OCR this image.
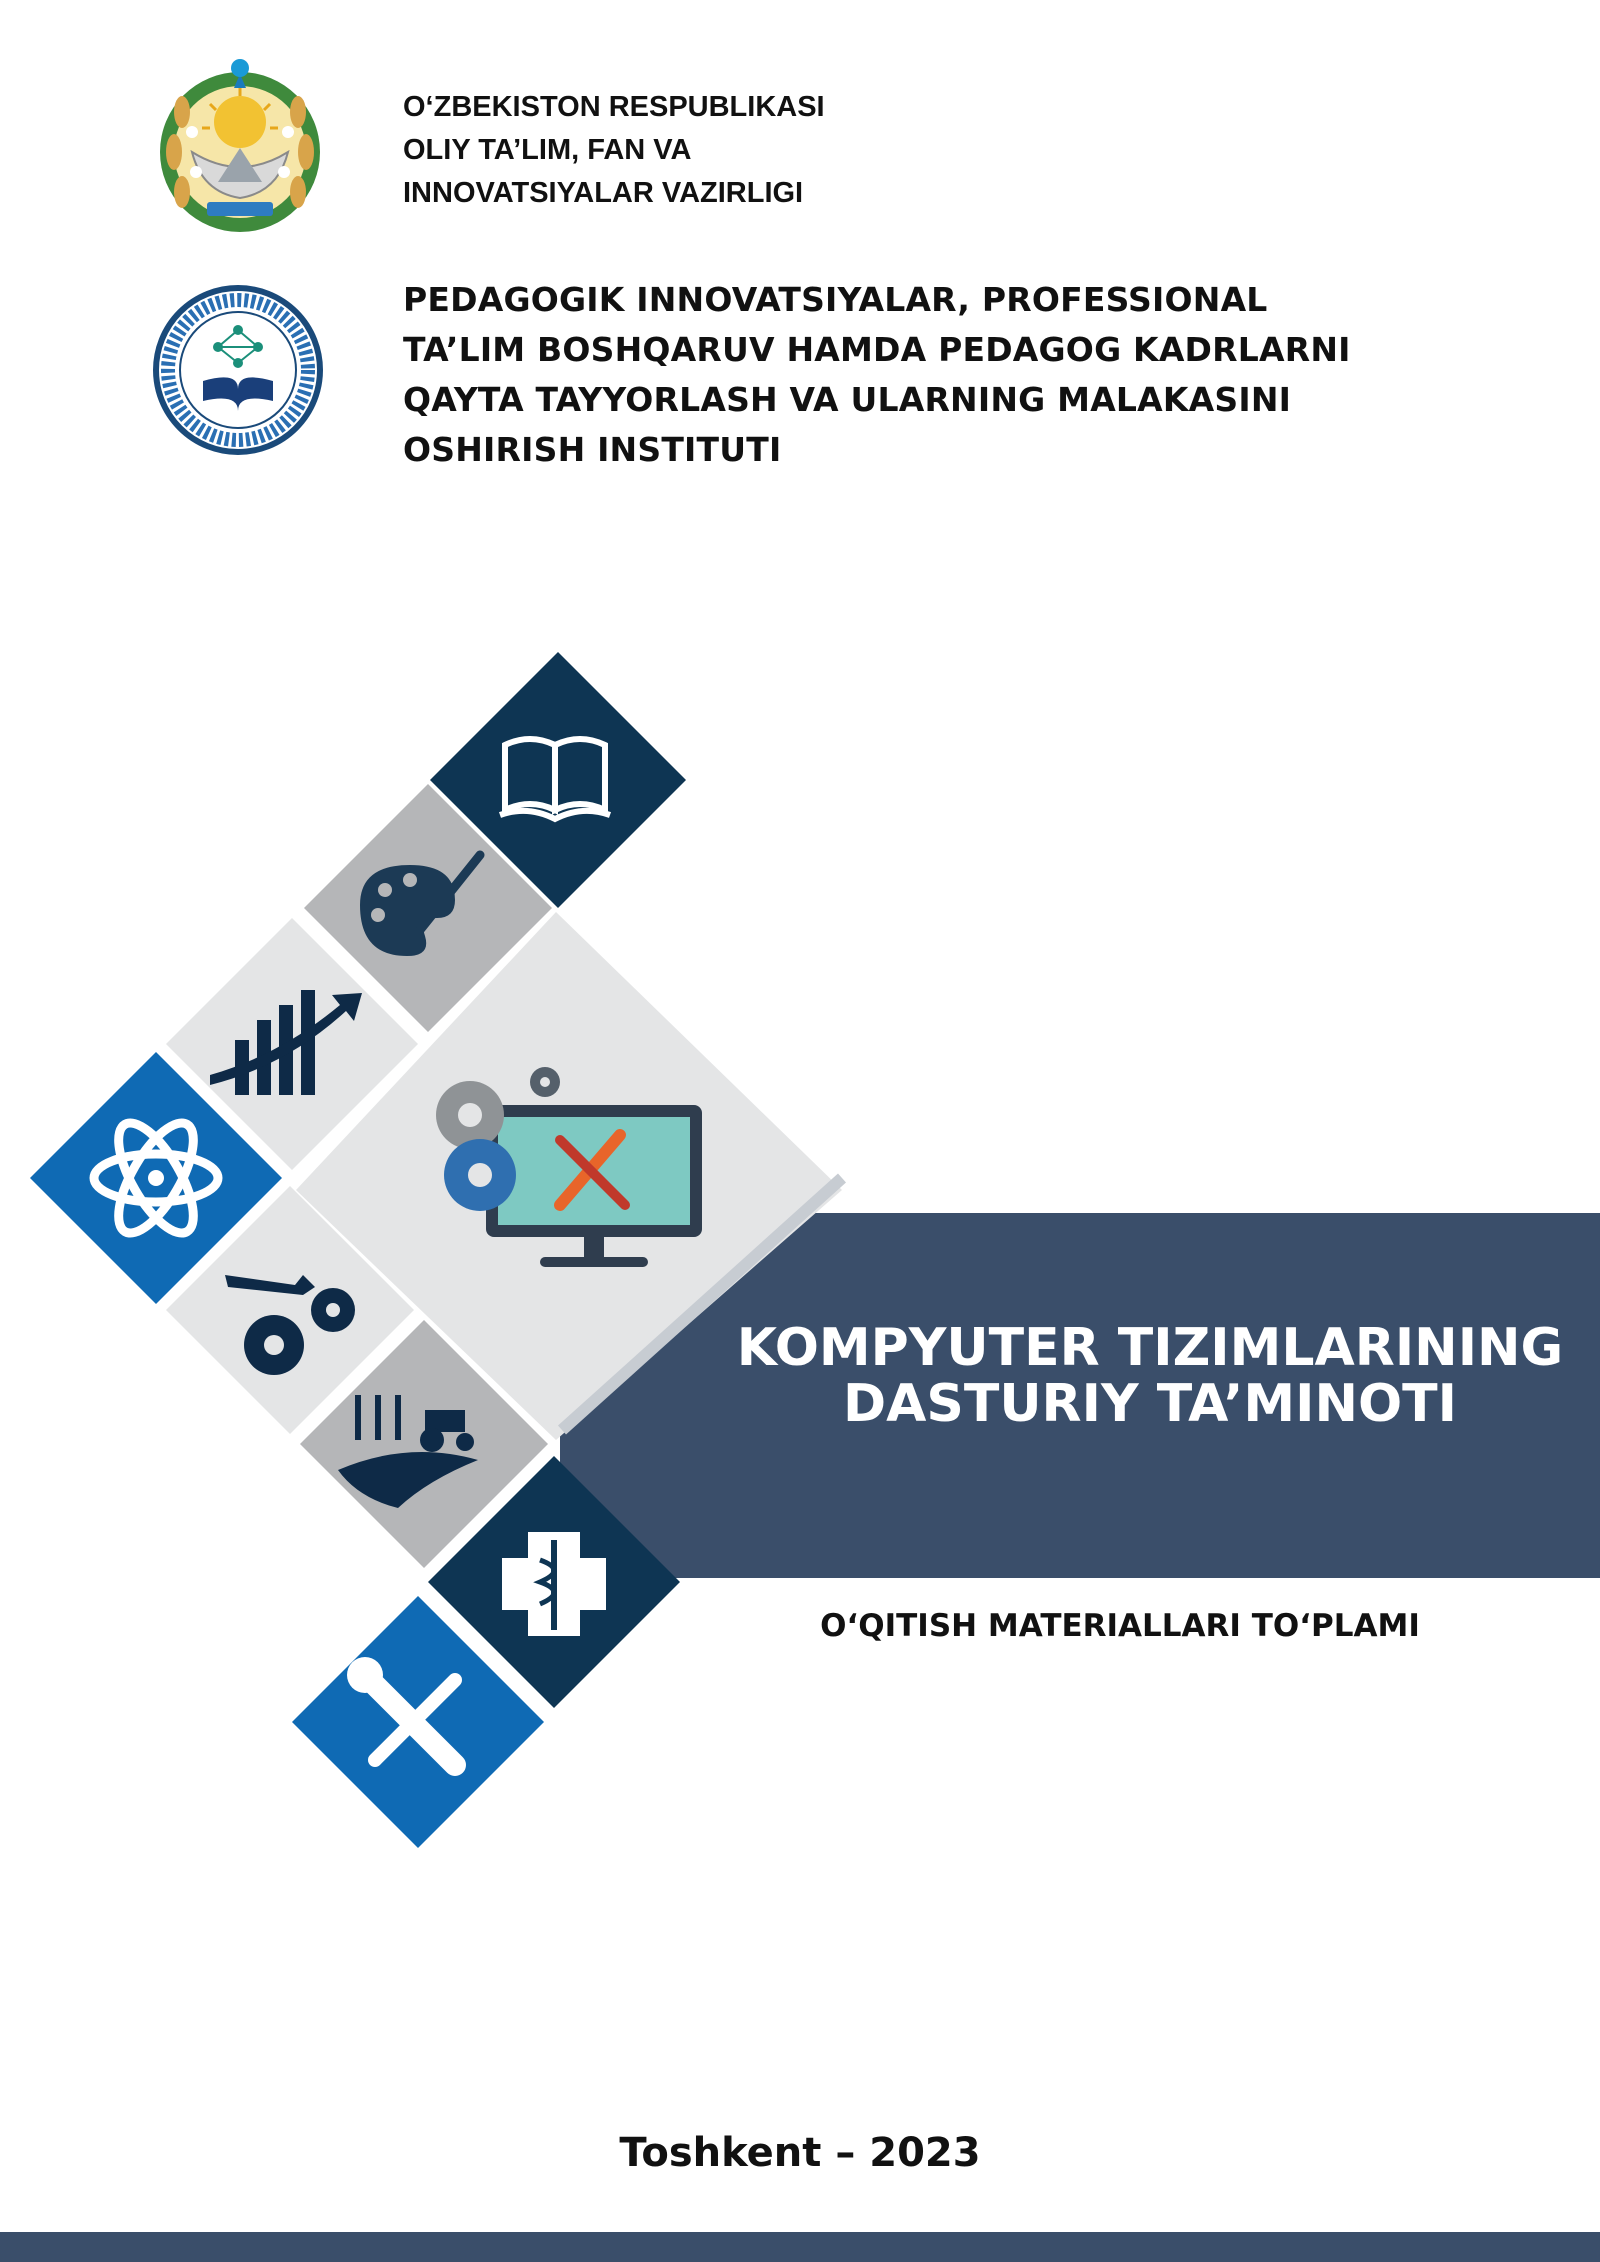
O‘ZBEKISTON RESPUBLIKASI
OLIY TA’LIM, FAN VA
INNOVATSIYALAR VAZIRLIGI
PEDAGOGIK INNOVATSIYALAR, PROFESSIONAL
TA’LIM BOSHQARUV HAMDA PEDAGOG KADRLARNI
QAYTA TAYYORLASH VA ULARNING MALAKASINI
OSHIRISH INSTITUTI
KOMPYUTER TIZIMLARINING
DASTURIY TA’MINOTI
O‘QITISH MATERIALLARI TO‘PLAMI
Toshkent – 2023
